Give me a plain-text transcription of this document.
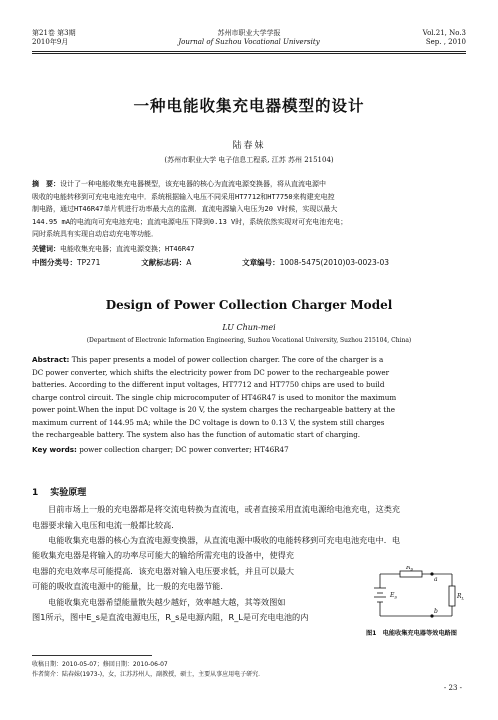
第21卷 第3期
2010年9月
苏州市职业大学学报
Journal of Suzhou Vocational University
Vol.21, No.3
Sep. , 2010
一种电能收集充电器模型的设计
陆春妹
(苏州市职业大学 电子信息工程系, 江苏 苏州 215104)
摘　要：设计了一种电能收集充电器模型，该充电器的核心为直流电源变换器，将从直流电源中
吸收的电能转移到可充电电池充电中．系统根据输入电压不同采用HT7712和HT7750来构建充电控
制电路，通过HT46R47单片机进行功率最大点的监测．直流电源输入电压为20 V时候，实现以最大
144.95 mA的电流向可充电池充电；直流电源电压下降到0.13 V时，系统依然实现对可充电池充电；
同时系统具有实现自动启动充电等功能．
关键词：电能收集充电器；直流电源变换；HT46R47
中图分类号：TP271	文献标志码：A	文章编号：1008-5475(2010)03-0023-03
Design of Power Collection Charger Model
LU Chun-mei
(Department of Electronic Information Engineering, Suzhou Vocational University, Suzhou 215104, China)
Abstract: This paper presents a model of power collection charger. The core of the charger is a
DC power converter, which shifts the electricity power from DC power to the rechargeable power
batteries. According to the different input voltages, HT7712 and HT7750 chips are used to build
charge control circuit. The single chip microcomputer of HT46R47 is used to monitor the maximum
power point.When the input DC voltage is 20 V, the system charges the rechargeable battery at the
maximum current of 144.95 mA; while the DC voltage is down to 0.13 V, the system still charges
the rechargeable battery. The system also has the function of automatic start of charging.
Key words: power collection charger; DC power converter; HT46R47
1 实验原理
目前市场上一般的充电器都是将交流电转换为直流电，或者直接采用直流电源给电池充电，这类充
电器要求输入电压和电流一般都比较高．
电能收集充电器的核心为直流电源变换器，从直流电源中吸收的电能转移到可充电电池充电中．电
能收集充电器是将输入的功率尽可能大的输给所需充电的设备中，使得充
电器的充电效率尽可能提高．该充电器对输入电压要求低，并且可以最大
可能的吸收直流电源中的能量，比一般的充电器节能．
电能收集充电器希望能量散失越少越好，效率越大越，其等效图如
图1所示，图中E_s是直流电源电压，R_s是电源内阻，R_L是可充电电池的内
$R_S$
$E_S$	$R_L$
a
b
图1　电能收集充电器等效电路图
收稿日期：2010-05-07；修回日期：2010-06-07
作者简介：陆春妹(1973-)，女，江苏苏州人，副教授，硕士，主要从事应用电子研究．
- 23 -
